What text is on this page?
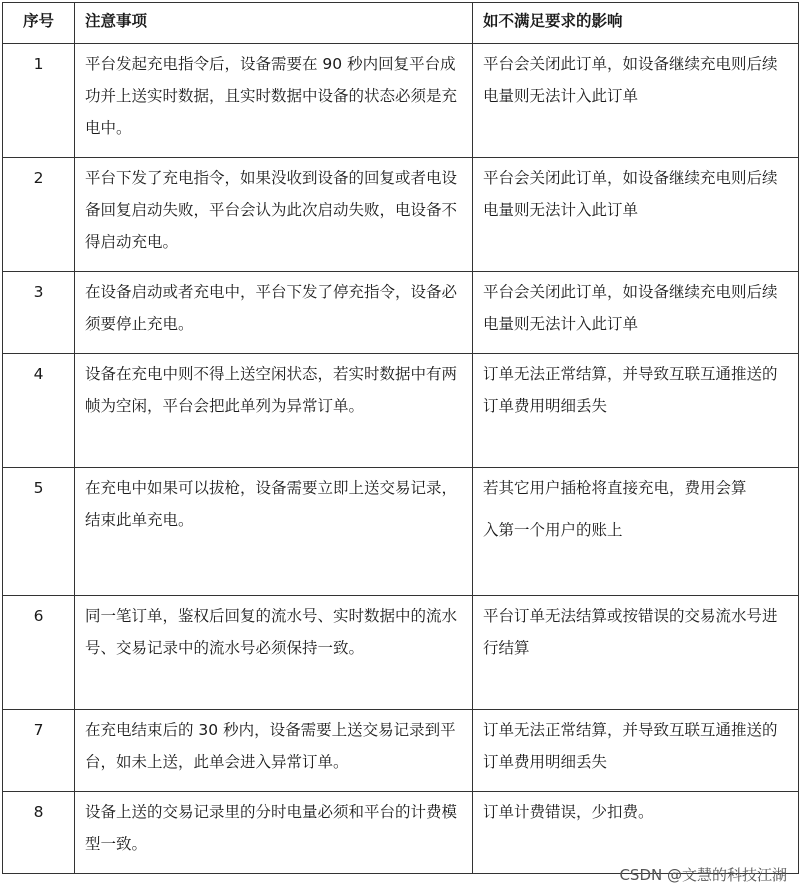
序号	注意事项	如不满足要求的影响
1	平台发起充电指令后，设备需要在 90 秒内回复平台成功并上送实时数据，且实时数据中设备的状态必须是充电中。	平台会关闭此订单，如设备继续充电则后续电量则无法计入此订单
2	平台下发了充电指令，如果没收到设备的回复或者电设备回复启动失败，平台会认为此次启动失败，电设备不得启动充电。	平台会关闭此订单，如设备继续充电则后续电量则无法计入此订单
3	在设备启动或者充电中，平台下发了停充指令，设备必须要停止充电。	平台会关闭此订单，如设备继续充电则后续电量则无法计入此订单
4	设备在充电中则不得上送空闲状态，若实时数据中有两帧为空闲，平台会把此单列为异常订单。	订单无法正常结算，并导致互联互通推送的订单费用明细丢失
5	在充电中如果可以拔枪，设备需要立即上送交易记录，结束此单充电。	若其它用户插枪将直接充电，费用会算
入第一个用户的账上

6	同一笔订单，鉴权后回复的流水号、实时数据中的流水号、交易记录中的流水号必须保持一致。	平台订单无法结算或按错误的交易流水号进行结算
7	在充电结束后的 30 秒内，设备需要上送交易记录到平台，如未上送，此单会进入异常订单。	订单无法正常结算，并导致互联互通推送的订单费用明细丢失
8	设备上送的交易记录里的分时电量必须和平台的计费模型一致。	订单计费错误，少扣费。
CSDN @文慧的科技江湖
